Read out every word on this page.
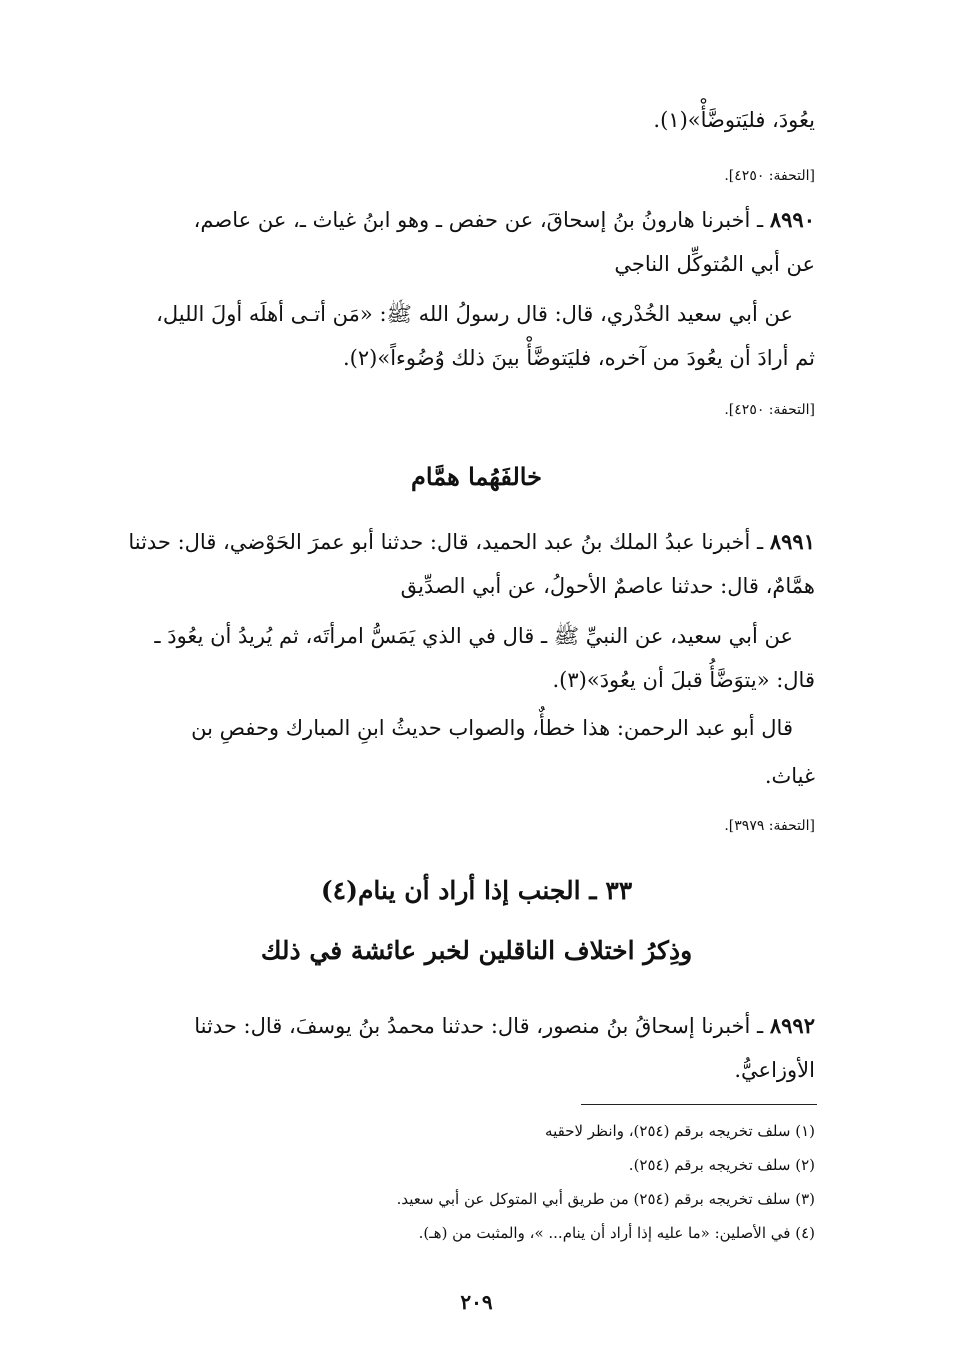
يعُودَ، فليَتوضَّأْ»(١).
[التحفة: ٤٢٥٠].
٨٩٩٠ ـ أخبرنا هارونُ بنُ إسحاقَ، عن حفص ـ وهو ابنُ غياث ـ، عن عاصم،
عن أبي المُتوكِّل الناجي
عن أبي سعيد الخُدْري، قال: قال رسولُ الله ﷺ: «مَن أتـى أهلَه أولَ الليل،
ثم أرادَ أن يعُودَ من آخره، فليَتوضَّأْ بينَ ذلك وُضُوءاً»(٢).
[التحفة: ٤٢٥٠].
خالفَهُما همَّام
٨٩٩١ ـ أخبرنا عبدُ الملك بنُ عبد الحميد، قال: حدثنا أبو عمرَ الحَوْضي، قال: حدثنا
همَّامٌ، قال: حدثنا عاصمٌ الأحولُ، عن أبي الصدِّيق
عن أبي سعيد، عن النبيِّ ﷺ ـ قال في الذي يَمَسُّ امرأتَه، ثم يُريدُ أن يعُودَ ـ
قال: «يتوَضَّأُ قبلَ أن يعُودَ»(٣).
قال أبو عبد الرحمن: هذا خطأٌ، والصواب حديثُ ابنِ المبارك وحفصِ بن
غياث.
[التحفة: ٣٩٧٩].
٣٣ ـ الجنب إذا أراد أن ينام(٤)
وذِكرُ اختلاف الناقلين لخبر عائشة في ذلك
٨٩٩٢ ـ أخبرنا إسحاقُ بنُ منصور، قال: حدثنا محمدُ بنُ يوسفَ، قال: حدثنا
الأوزاعيُّ.
(١) سلف تخريجه برقم (٢٥٤)، وانظر لاحقيه
(٢) سلف تخريجه برقم (٢٥٤).
(٣) سلف تخريجه برقم (٢٥٤) من طريق أبي المتوكل عن أبي سعيد.
(٤) في الأصلين: «ما عليه إذا أراد أن ينام... »، والمثبت من (هـ).
٢٠٩
